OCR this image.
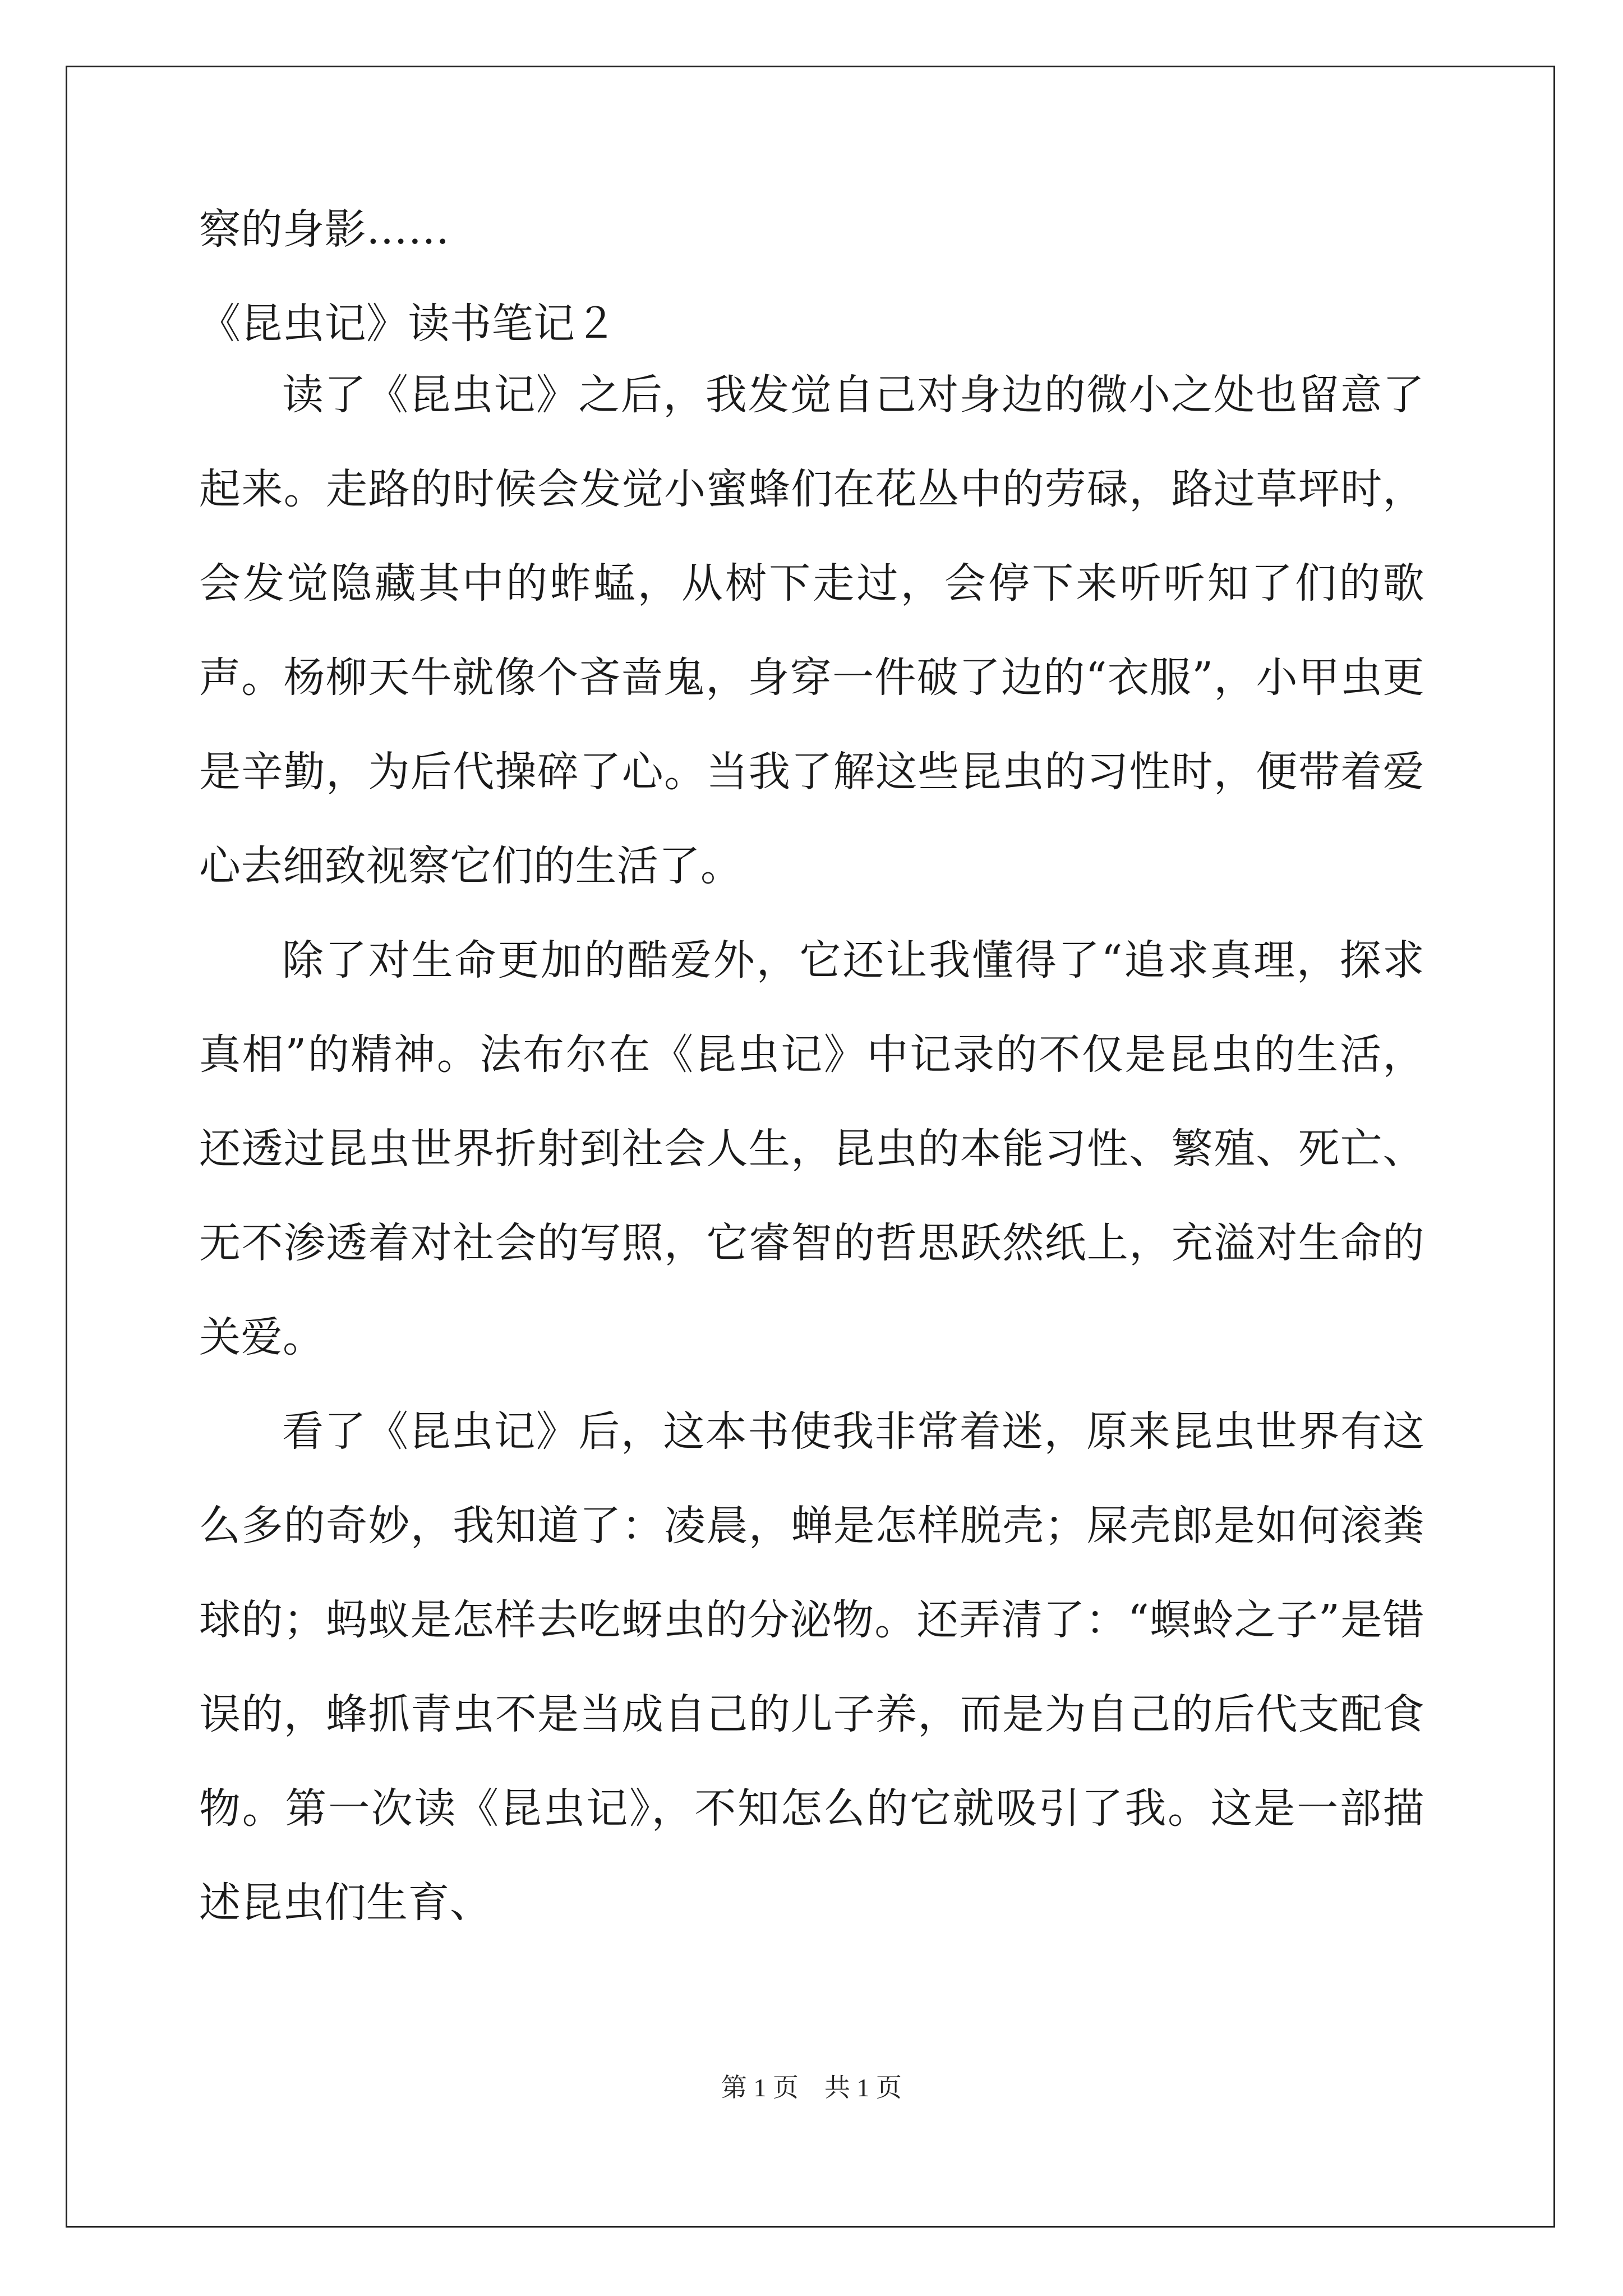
察的身影……

《昆虫记》读书笔记２

读了《昆虫记》之后，我发觉自己对身边的微小之处也留意了起来。走路的时候会发觉小蜜蜂们在花丛中的劳碌，路过草坪时，会发觉隐藏其中的蚱蜢，从树下走过，会停下来听听知了们的歌声。杨柳天牛就像个吝啬鬼，身穿一件破了边的“衣服”，小甲虫更是辛勤，为后代操碎了心。当我了解这些昆虫的习性时，便带着爱心去细致视察它们的生活了。

除了对生命更加的酷爱外，它还让我懂得了“追求真理，探求真相”的精神。法布尔在《昆虫记》中记录的不仅是昆虫的生活，还透过昆虫世界折射到社会人生，昆虫的本能习性、繁殖、死亡、无不渗透着对社会的写照，它睿智的哲思跃然纸上，充溢对生命的关爱。

看了《昆虫记》后，这本书使我非常着迷，原来昆虫世界有这么多的奇妙，我知道了：凌晨，蝉是怎样脱壳；屎壳郎是如何滚粪球的；蚂蚁是怎样去吃蚜虫的分泌物。还弄清了：“螟蛉之子”是错误的，蜂抓青虫不是当成自己的儿子养，而是为自己的后代支配食物。第一次读《昆虫记》，不知怎么的它就吸引了我。这是一部描述昆虫们生育、

第 1 页 共 1 页
